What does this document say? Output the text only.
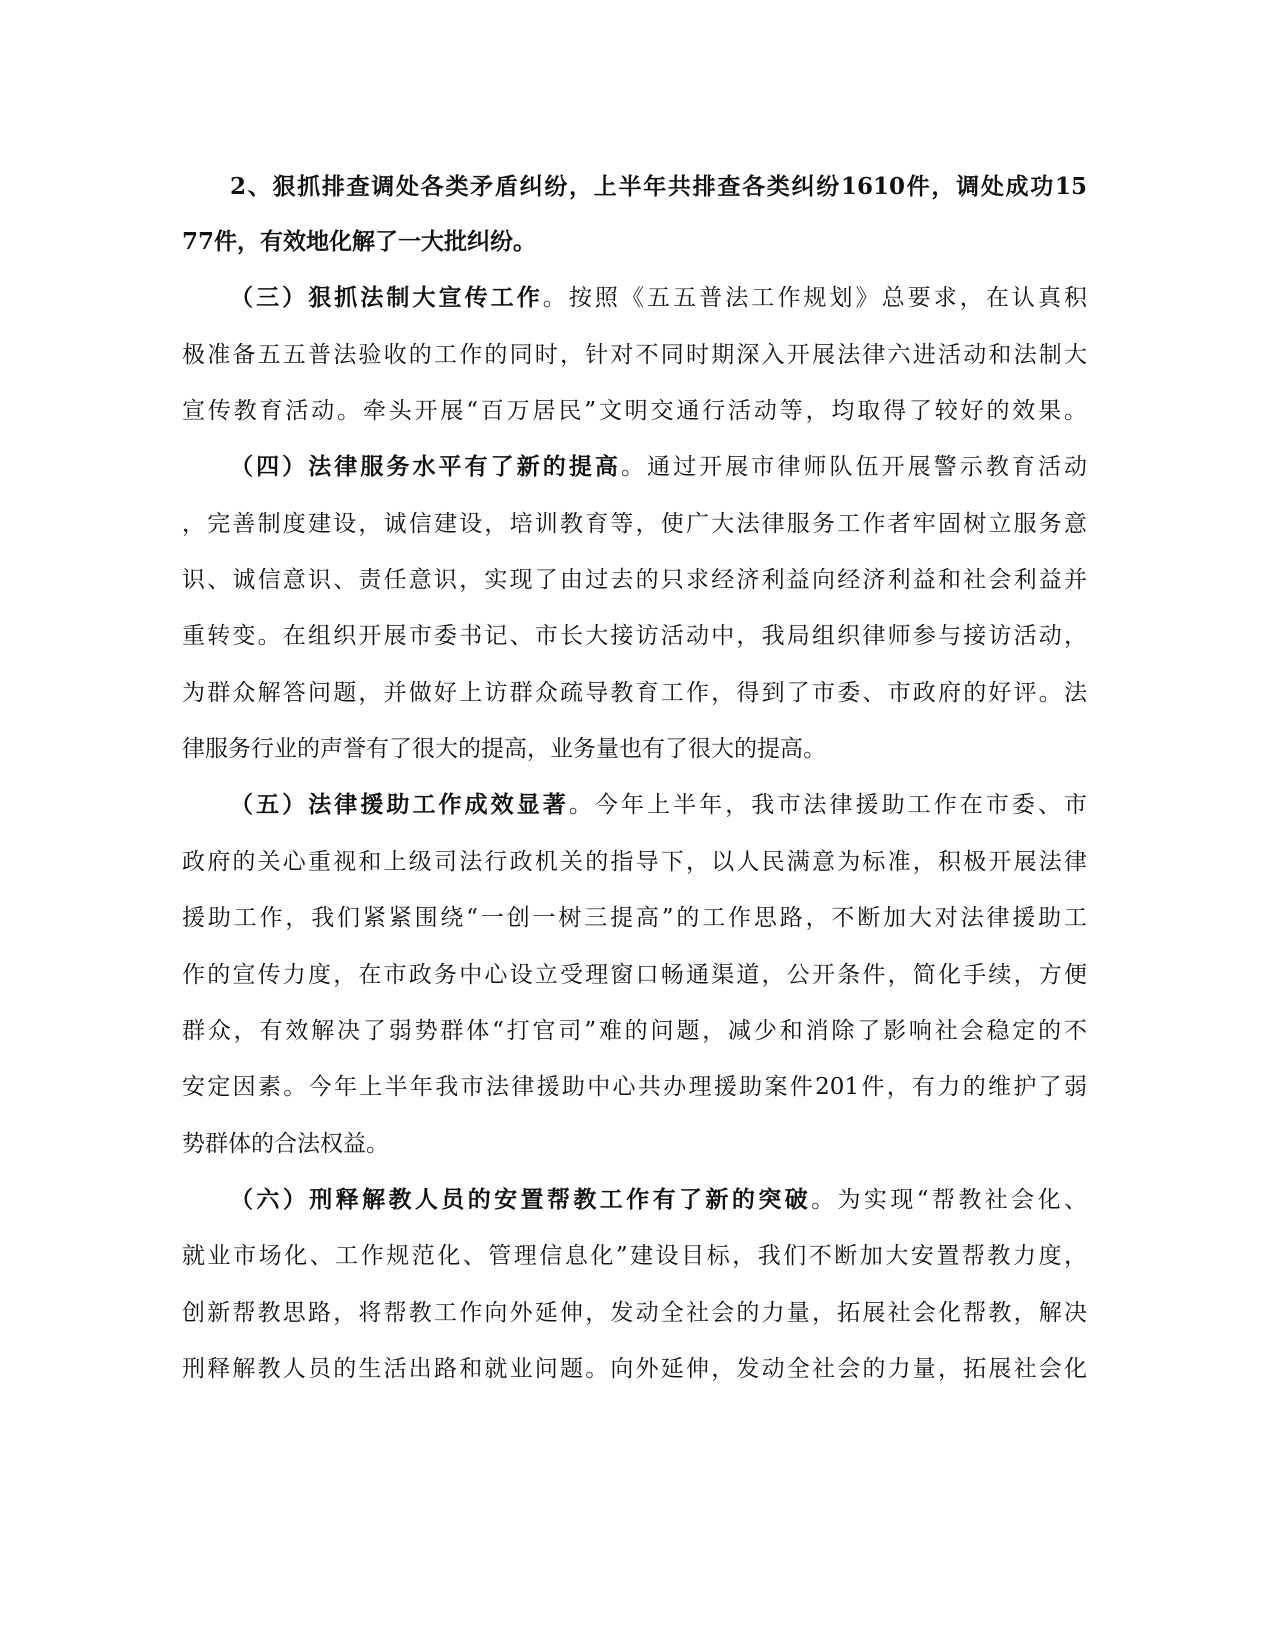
2、狠抓排查调处各类矛盾纠纷，上半年共排查各类纠纷1610件，调处成功15
77件，有效地化解了一大批纠纷。
（三）狠抓法制大宣传工作。按照《五五普法工作规划》总要求，在认真积
极准备五五普法验收的工作的同时，针对不同时期深入开展法律六进活动和法制大
宣传教育活动。牵头开展“百万居民”文明交通行活动等，均取得了较好的效果。
（四）法律服务水平有了新的提高。通过开展市律师队伍开展警示教育活动
，完善制度建设，诚信建设，培训教育等，使广大法律服务工作者牢固树立服务意
识、诚信意识、责任意识，实现了由过去的只求经济利益向经济利益和社会利益并
重转变。在组织开展市委书记、市长大接访活动中，我局组织律师参与接访活动，
为群众解答问题，并做好上访群众疏导教育工作，得到了市委、市政府的好评。法
律服务行业的声誉有了很大的提高，业务量也有了很大的提高。
（五）法律援助工作成效显著。今年上半年，我市法律援助工作在市委、市
政府的关心重视和上级司法行政机关的指导下，以人民满意为标准，积极开展法律
援助工作，我们紧紧围绕“一创一树三提高”的工作思路，不断加大对法律援助工
作的宣传力度，在市政务中心设立受理窗口畅通渠道，公开条件，简化手续，方便
群众，有效解决了弱势群体“打官司”难的问题，减少和消除了影响社会稳定的不
安定因素。今年上半年我市法律援助中心共办理援助案件201件，有力的维护了弱
势群体的合法权益。
（六）刑释解教人员的安置帮教工作有了新的突破。为实现“帮教社会化、
就业市场化、工作规范化、管理信息化”建设目标，我们不断加大安置帮教力度，
创新帮教思路，将帮教工作向外延伸，发动全社会的力量，拓展社会化帮教，解决
刑释解教人员的生活出路和就业问题。向外延伸，发动全社会的力量，拓展社会化
